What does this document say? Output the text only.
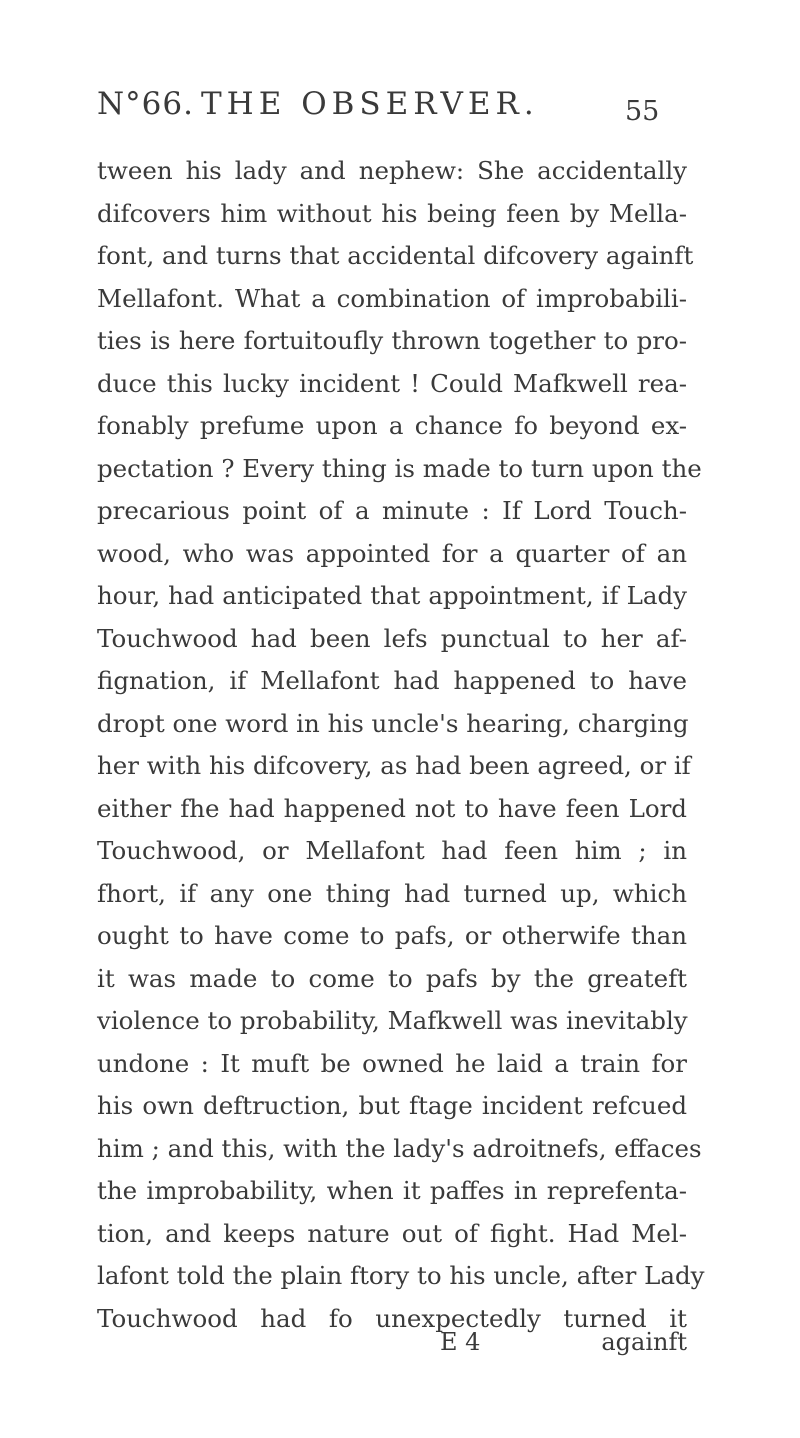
N°66. THE OBSERVER.	55
tween his lady and nephew: She accidentally
difcovers him without his being feen by Mella-
font, and turns that accidental difcovery againft
Mellafont. What a combination of improbabili-
ties is here fortuitoufly thrown together to pro-
duce this lucky incident ! Could Mafkwell rea-
fonably prefume upon a chance fo beyond ex-
pectation ? Every thing is made to turn upon the
precarious point of a minute : If Lord Touch-
wood, who was appointed for a quarter of an
hour, had anticipated that appointment, if Lady
Touchwood had been lefs punctual to her af-
fignation, if Mellafont had happened to have
dropt one word in his uncle's hearing, charging
her with his difcovery, as had been agreed, or if
either fhe had happened not to have feen Lord
Touchwood, or Mellafont had feen him ; in
fhort, if any one thing had turned up, which
ought to have come to pafs, or otherwife than
it was made to come to pafs by the greateft
violence to probability, Mafkwell was inevitably
undone : It muft be owned he laid a train for
his own deftruction, but ftage incident refcued
him ; and this, with the lady's adroitnefs, effaces
the improbability, when it paffes in reprefenta-
tion, and keeps nature out of fight. Had Mel-
lafont told the plain ftory to his uncle, after Lady
Touchwood had fo unexpectedly turned it
E 4	againft
